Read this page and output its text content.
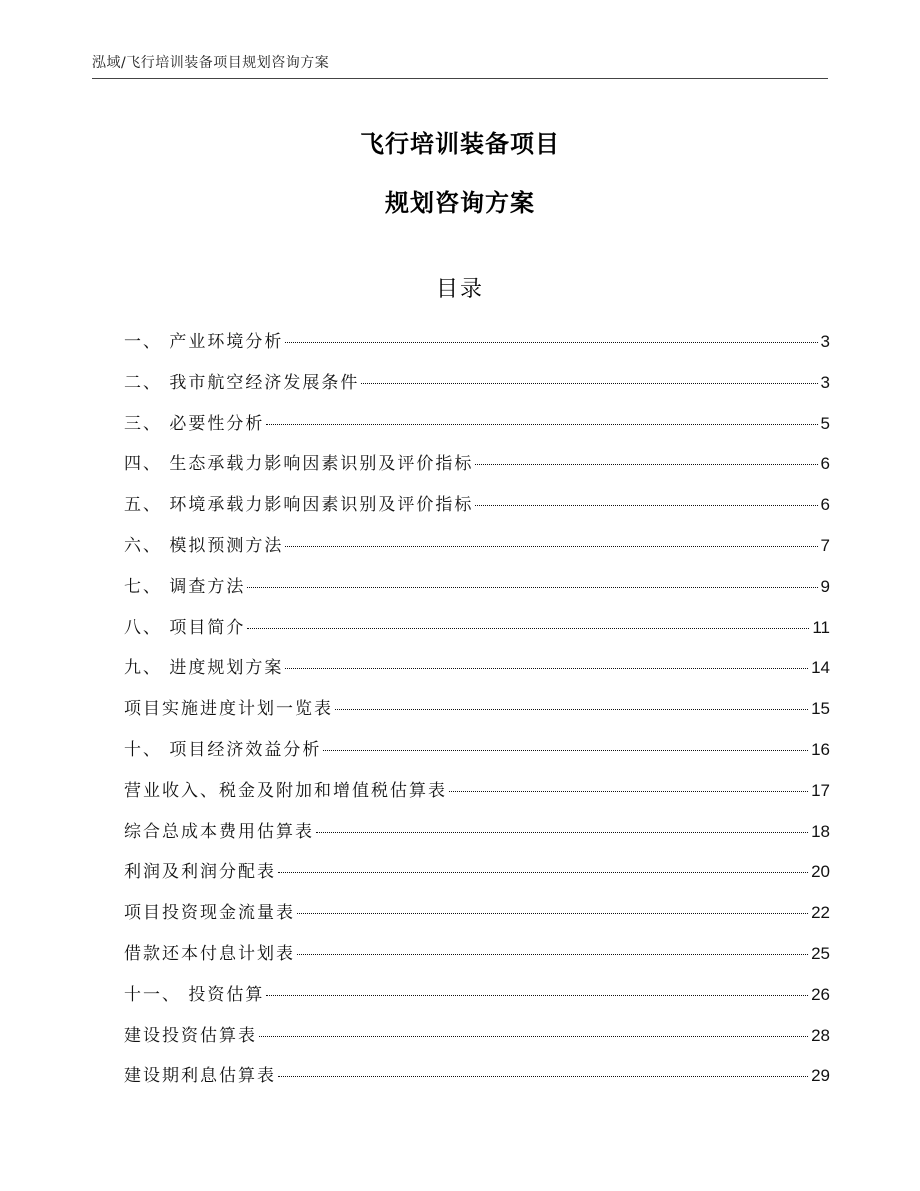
泓域/飞行培训装备项目规划咨询方案
飞行培训装备项目
规划咨询方案
目录
一、 产业环境分析	3
二、 我市航空经济发展条件	3
三、 必要性分析	5
四、 生态承载力影响因素识别及评价指标	6
五、 环境承载力影响因素识别及评价指标	6
六、 模拟预测方法	7
七、 调查方法	9
八、 项目简介	11
九、 进度规划方案	14
项目实施进度计划一览表	15
十、 项目经济效益分析	16
营业收入、税金及附加和增值税估算表	17
综合总成本费用估算表	18
利润及利润分配表	20
项目投资现金流量表	22
借款还本付息计划表	25
十一、 投资估算	26
建设投资估算表	28
建设期利息估算表	29
